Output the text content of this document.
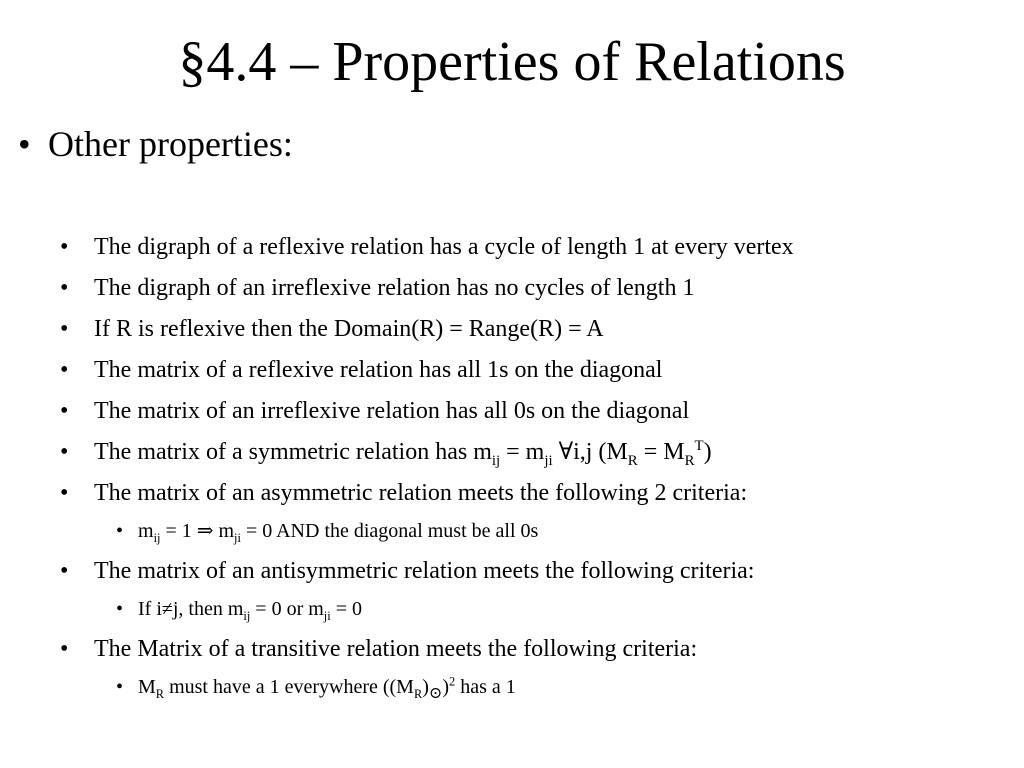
§4.4 – Properties of Relations
• Other properties:
• The digraph of a reflexive relation has a cycle of length 1 at every vertex
• The digraph of an irreflexive relation has no cycles of length 1
• If R is reflexive then the Domain(R) = Range(R) = A
• The matrix of a reflexive relation has all 1s on the diagonal
• The matrix of an irreflexive relation has all 0s on the diagonal
• The matrix of a symmetric relation has $m_{ij} = m_{ji}$ ∀i,j $(M_R = M_R^T)$
• The matrix of an asymmetric relation meets the following 2 criteria:
• $m_{ij} = 1$ ⇒ $m_{ji} = 0$ AND the diagonal must be all 0s
• The matrix of an antisymmetric relation meets the following criteria:
• If i≠j, then $m_{ij} = 0$ or $m_{ji} = 0$
• The Matrix of a transitive relation meets the following criteria:
• $M_R$ must have a 1 everywhere $((M_R)_⊙)^2$ has a 1
